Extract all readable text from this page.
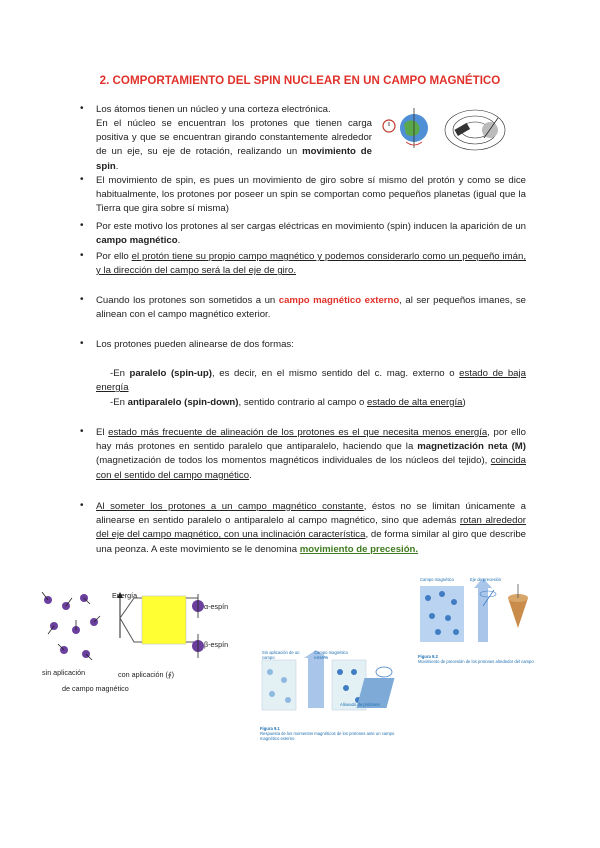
2. COMPORTAMIENTO DEL SPIN NUCLEAR EN UN CAMPO MAGNÉTICO
• Los átomos tienen un núcleo y una corteza electrónica.
En el núcleo se encuentran los protones que tienen carga positiva y que se encuentran girando constantemente alrededor de un eje, su eje de rotación, realizando un movimiento de spin.
• El movimiento de spin, es pues un movimiento de giro sobre sí mismo del protón y como se dice habitualmente, los protones por poseer un spin se comportan como pequeños planetas (igual que la Tierra que gira sobre sí misma)
• Por este motivo los protones al ser cargas eléctricas en movimiento (spin) inducen la aparición de un campo magnético.
• Por ello el protón tiene su propio campo magnético y podemos considerarlo como un pequeño imán, y la dirección del campo será la del eje de giro.
• Cuando los protones son sometidos a un campo magnético externo, al ser pequeños imanes, se alinean con el campo magnético exterior.
• Los protones pueden alinearse de dos formas:
-En paralelo (spin-up), es decir, en el mismo sentido del c. mag. externo o estado de baja energía
-En antiparalelo (spin-down), sentido contrario al campo o estado de alta energía)
• El estado más frecuente de alineación de los protones es el que necesita menos energía, por ello hay más protones en sentido paralelo que antiparalelo, haciendo que la magnetización neta (M) (magnetización de todos los momentos magnéticos individuales de los núcleos del tejido), coincida con el sentido del campo magnético.
• Al someter los protones a un campo magnético constante, éstos no se limitan únicamente a alinearse en sentido paralelo o antiparalelo al campo magnético, sino que además rotan alrededor del eje del campo magnético, con una inclinación característica, de forma similar al giro que describe una peonza. A este movimiento se le denomina movimiento de precesión.
Energía
α-espín
β-espín
sin aplicación
de campo magnético
con aplicación (∮)
Sin aplicación de un campo
Campo magnético externo
Alineado de protones
Figura 9.1
Respuesta de los momentos magnéticos de los protones ante un campo magnético externo
Campo magnético	Eje de precesión
Figura 9.2
Movimiento de precesión de los protones alrededor del campo
